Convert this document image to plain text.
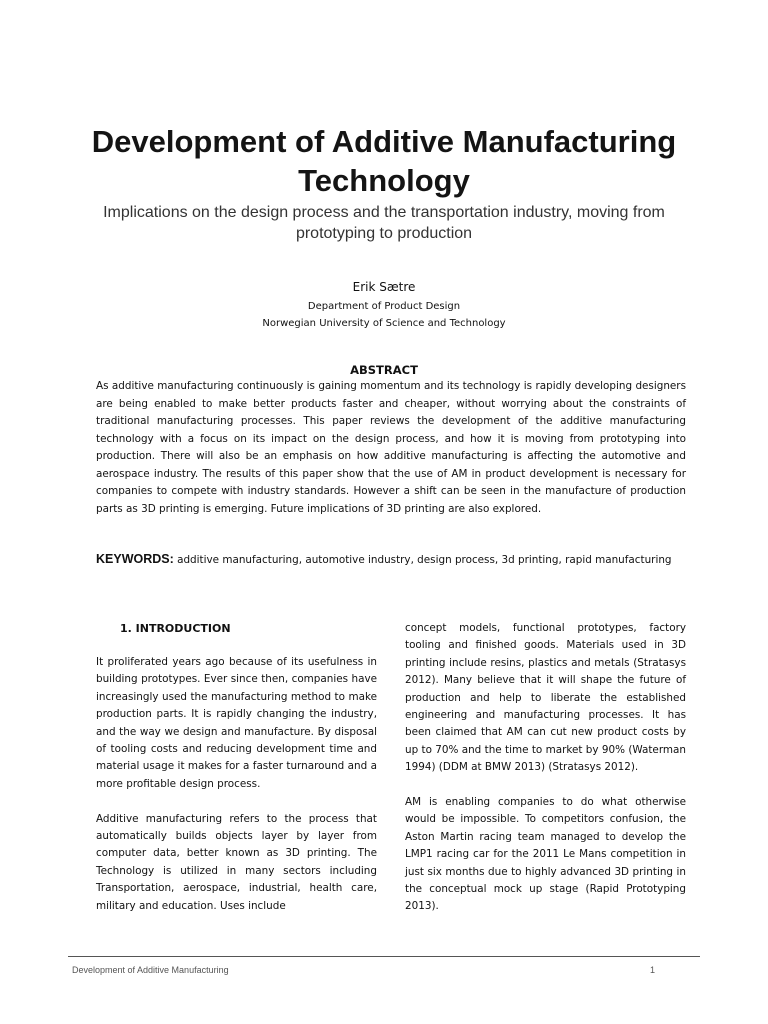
Development of Additive Manufacturing Technology

Implications on the design process and the transportation industry, moving from prototyping to production

Erik Sætre
Department of Product Design
Norwegian University of Science and Technology
ABSTRACT

As additive manufacturing continuously is gaining momentum and its technology is rapidly developing designers are being enabled to make better products faster and cheaper, without worrying about the constraints of traditional manufacturing processes. This paper reviews the development of the additive manufacturing technology with a focus on its impact on the design process, and how it is moving from prototyping into production. There will also be an emphasis on how additive manufacturing is affecting the automotive and aerospace industry. The results of this paper show that the use of AM in product development is necessary for companies to compete with industry standards. However a shift can be seen in the manufacture of production parts as 3D printing is emerging. Future implications of 3D printing are also explored.

KEYWORDS: additive manufacturing, automotive industry, design process, 3d printing, rapid manufacturing

1. INTRODUCTION

It proliferated years ago because of its usefulness in building prototypes. Ever since then, companies have increasingly used the manufacturing method to make production parts. It is rapidly changing the industry, and the way we design and manufacture. By disposal of tooling costs and reducing development time and material usage it makes for a faster turnaround and a more profitable design process.

Additive manufacturing refers to the process that automatically builds objects layer by layer from computer data, better known as 3D printing. The Technology is utilized in many sectors including Transportation, aerospace, industrial, health care, military and education. Uses include

concept models, functional prototypes, factory tooling and finished goods. Materials used in 3D printing include resins, plastics and metals (Stratasys 2012). Many believe that it will shape the future of production and help to liberate the established engineering and manufacturing processes. It has been claimed that AM can cut new product costs by up to 70% and the time to market by 90% (Waterman 1994) (DDM at BMW 2013) (Stratasys 2012).

AM is enabling companies to do what otherwise would be impossible. To competitors confusion, the Aston Martin racing team managed to develop the LMP1 racing car for the 2011 Le Mans competition in just six months due to highly advanced 3D printing in the conceptual mock up stage (Rapid Prototyping 2013).

Development of Additive Manufacturing	1
